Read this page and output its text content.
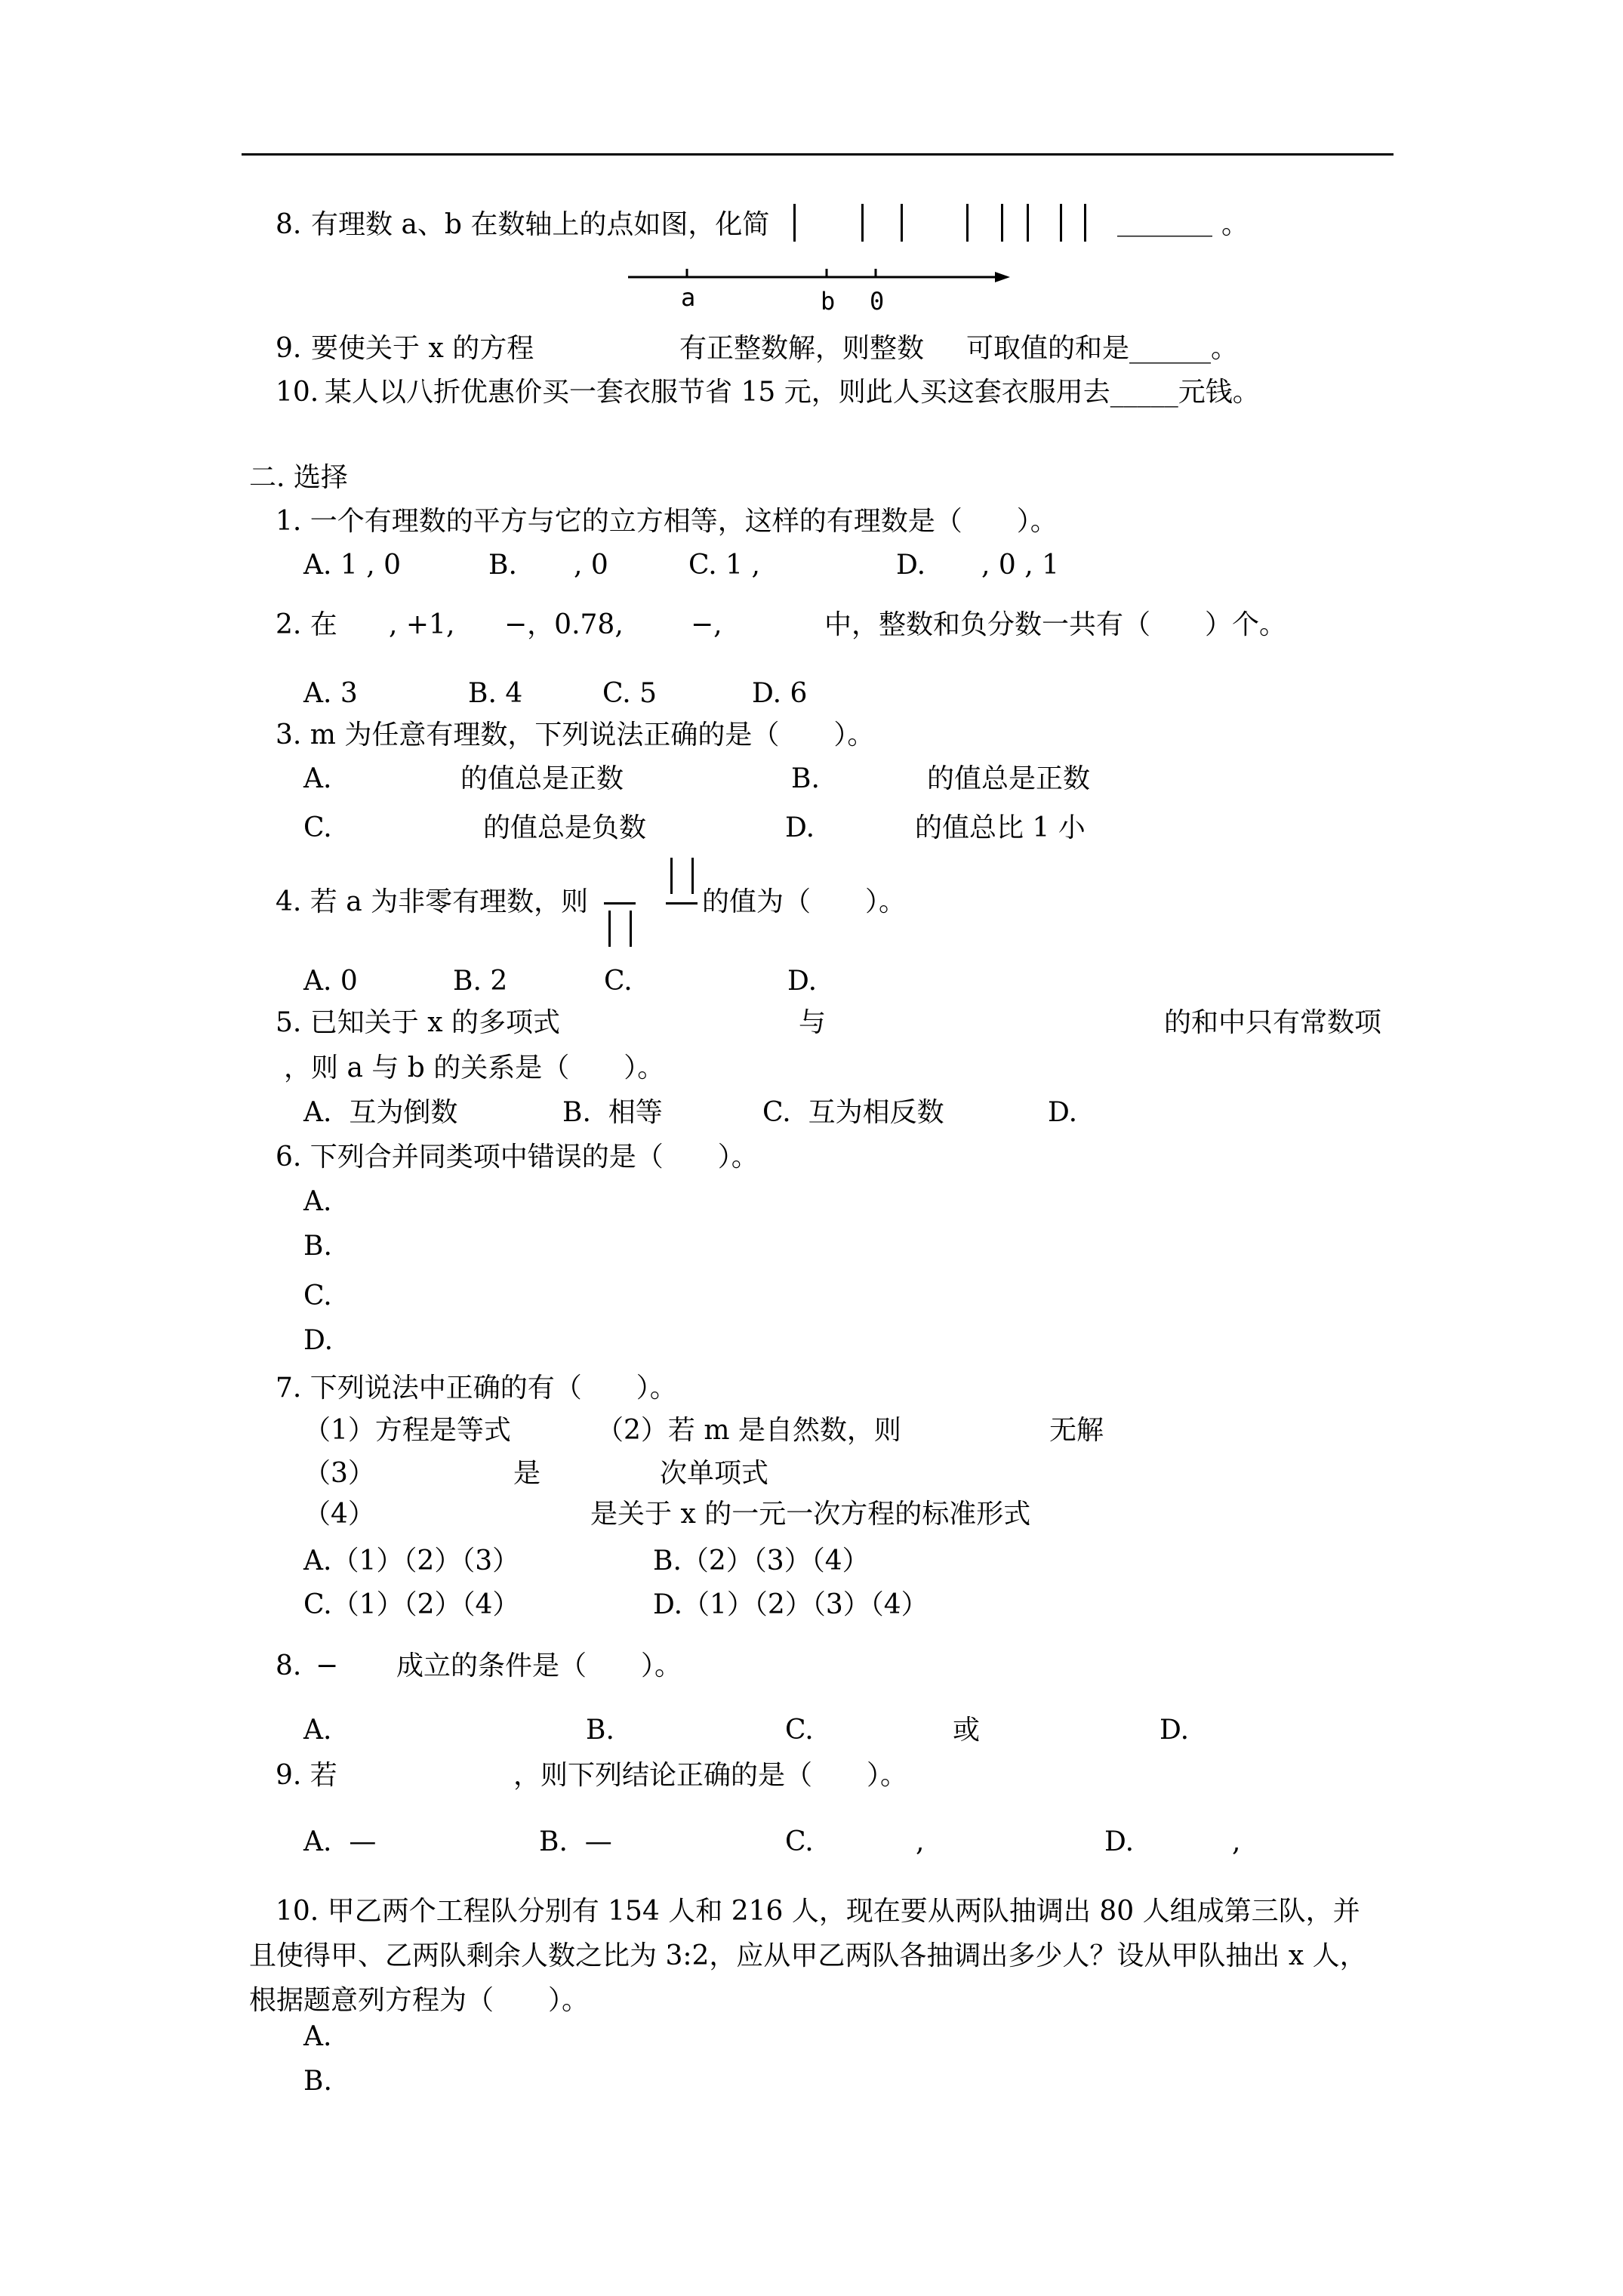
8. 有理数 a、b 在数轴上的点如图，化简	_______ 。
a	b 0
9. 要使关于 x 的方程	有正整数解，则整数 可取值的和是______。
10. 某人以八折优惠价买一套衣服节省 15 元，则此人买这套衣服用去_____元钱。
二. 选择
1. 一个有理数的平方与它的立方相等，这样的有理数是（　　）。
A. 1 , 0	B. , 0	C. 1 ,	D. , 0 , 1
2. 在 , +1, −，0.78, −,	中，整数和负分数一共有（　　）个。
A. 3	B. 4	C. 5	D. 6
3. m 为任意有理数，下列说法正确的是（　　）。
A.	的值总是正数	B.	的值总是正数
C.	的值总是负数	D.	的值总比 1 小
4. 若 a 为非零有理数，则	的值为（　　）。
A. 0	B. 2	C.	D.
5. 已知关于 x 的多项式	与	的和中只有常数项
，则 a 与 b 的关系是（　　）。
A.  互为倒数	B.  相等	C.  互为相反数	D.
6. 下列合并同类项中错误的是（　　）。
A.
B.
C.
D.
7. 下列说法中正确的有（　　）。
（1）方程是等式	（2）若 m 是自然数，则	无解
（3）	是	次单项式
（4）	是关于 x 的一元一次方程的标准形式
A.（1）（2）（3）	B.（2）（3）（4）
C.（1）（2）（4）	D.（1）（2）（3）（4）
8. − 成立的条件是（　　）。
A.	B.	C.	或	D.
9. 若	，则下列结论正确的是（　　）。
A.  —	B.  —	C.	,	D.	,
10. 甲乙两个工程队分别有 154 人和 216 人，现在要从两队抽调出 80 人组成第三队，并
且使得甲、乙两队剩余人数之比为 3:2，应从甲乙两队各抽调出多少人？设从甲队抽出 x 人，
根据题意列方程为（　　）。
A.
B.
